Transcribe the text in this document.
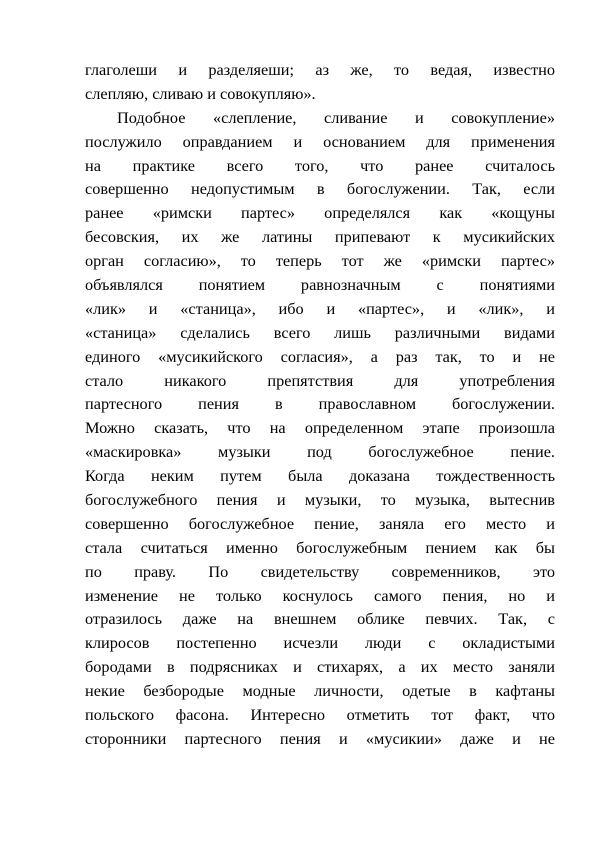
глаголеши и разделяеши; аз же, то ведая, известно
слепляю, сливаю и совокупляю».
Подобное «слепление, сливание и совокупление»
послужило оправданием и основанием для применения
на практике всего того, что ранее считалось
совершенно недопустимым в богослужении. Так, если
ранее «римски партес» определялся как «кощуны
бесовския, их же латины припевают к мусикийских
орган согласию», то теперь тот же «римски партес»
объявлялся понятием равнозначным с понятиями
«лик» и «станица», ибо и «партес», и «лик», и
«станица» сделались всего лишь различными видами
единого «мусикийского согласия», а раз так, то и не
стало никакого препятствия для употребления
партесного пения в православном богослужении.
Можно сказать, что на определенном этапе произошла
«маскировка» музыки под богослужебное пение.
Когда неким путем была доказана тождественность
богослужебного пения и музыки, то музыка, вытеснив
совершенно богослужебное пение, заняла его место и
стала считаться именно богослужебным пением как бы
по праву. По свидетельству современников, это
изменение не только коснулось самого пения, но и
отразилось даже на внешнем облике певчих. Так, с
клиросов постепенно исчезли люди с окладистыми
бородами в подрясниках и стихарях, а их место заняли
некие безбородые модные личности, одетые в кафтаны
польского фасона. Интересно отметить тот факт, что
сторонники партесного пения и «мусикии» даже и не
